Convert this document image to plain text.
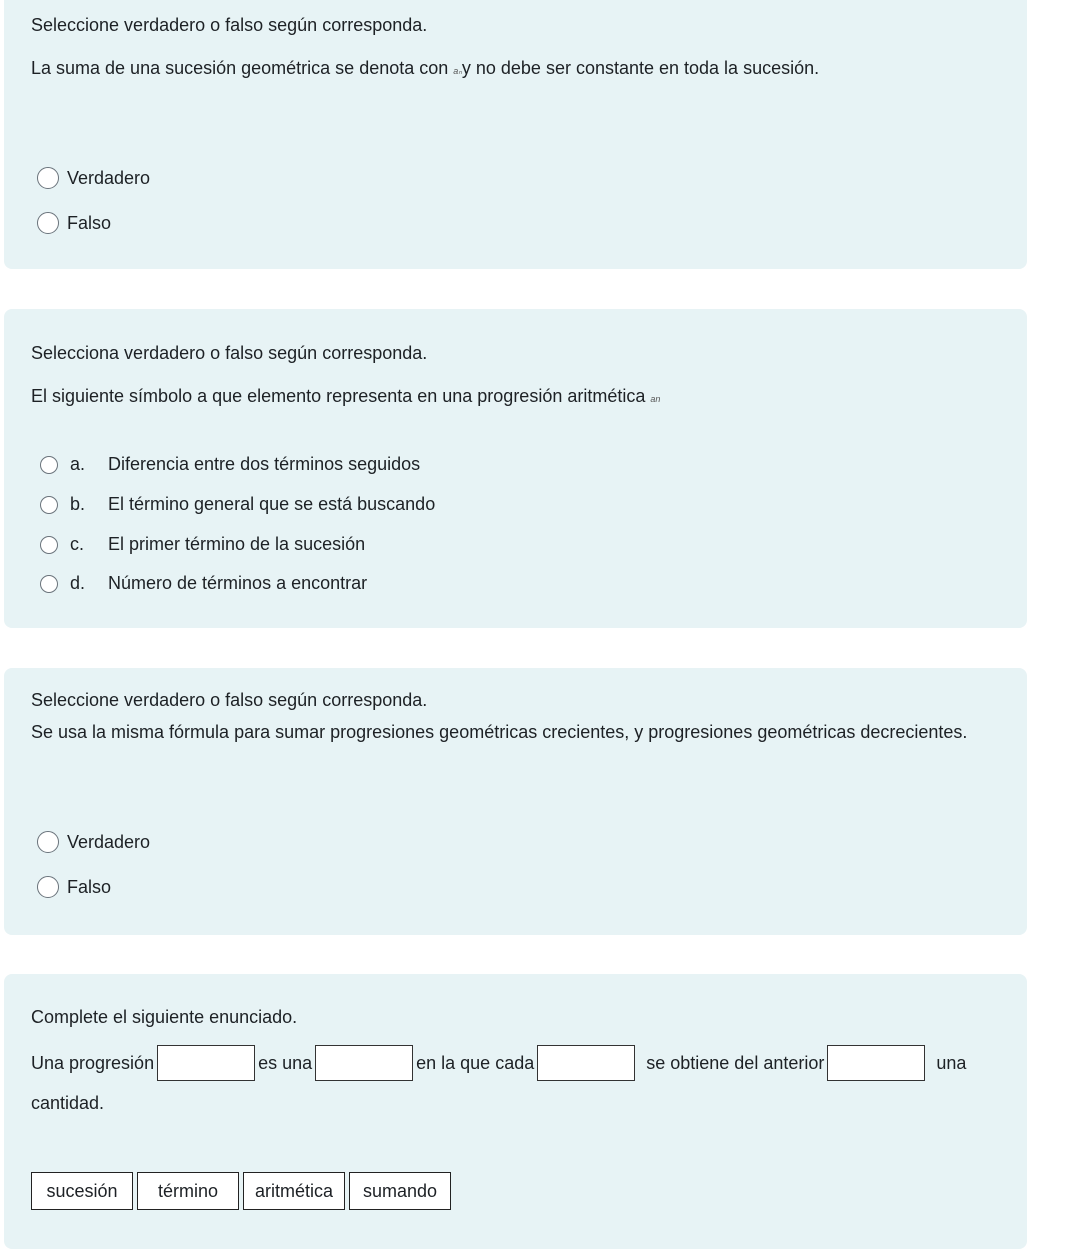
Seleccione verdadero o falso según corresponda.
La suma de una sucesión geométrica se denota con aₙy no debe ser constante en toda la sucesión.
Verdadero
Falso
Selecciona verdadero o falso según corresponda.
El siguiente símbolo a que elemento representa en una progresión aritmética an
a.	Diferencia entre dos términos seguidos
b.	El término general que se está buscando
c.	El primer término de la sucesión
d.	Número de términos a encontrar
Seleccione verdadero o falso según corresponda.
Se usa la misma fórmula para sumar progresiones geométricas crecientes, y progresiones geométricas decrecientes.
Verdadero
Falso
Complete el siguiente enunciado.
Una progresión	es una	en la que cada	se obtiene del anterior	una
cantidad.
sucesión	término	aritmética	sumando
